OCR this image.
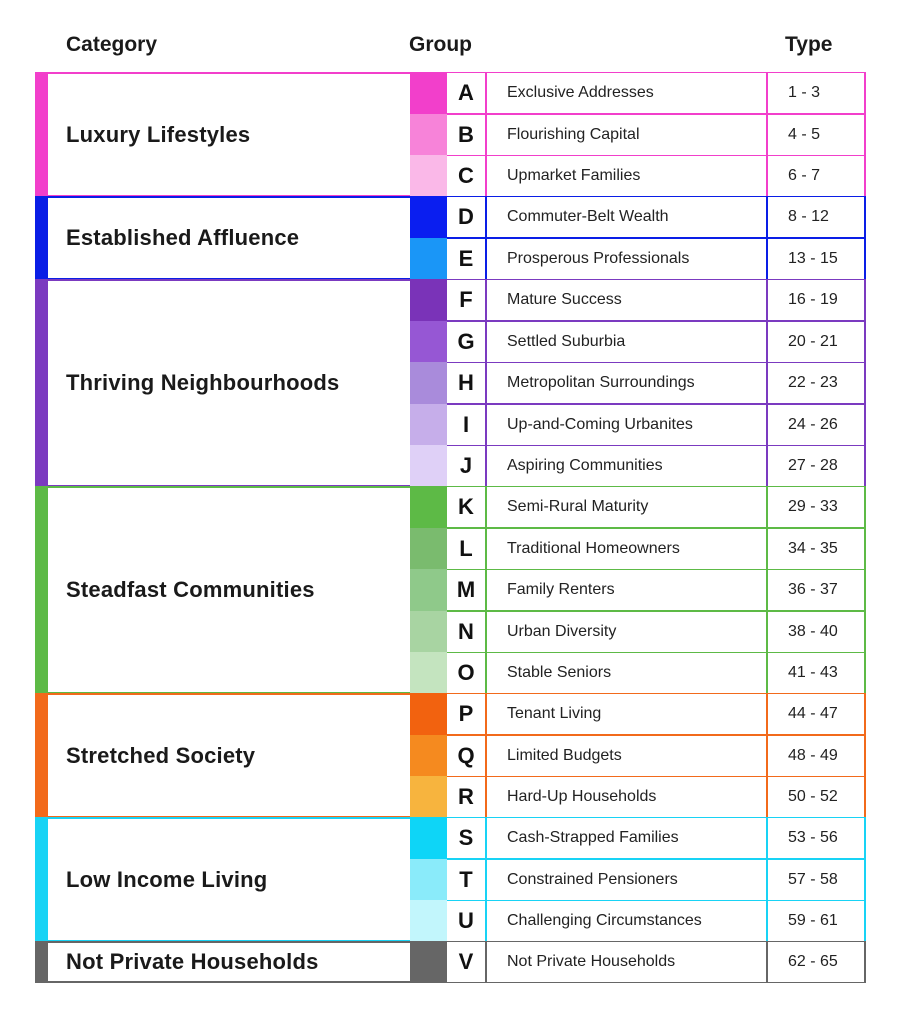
Category	Group	Type
Luxury Lifestyles
A	Exclusive Addresses	1 - 3
B	Flourishing Capital	4 - 5
C	Upmarket Families	6 - 7
Established Affluence
D	Commuter-Belt Wealth	8 - 12
E	Prosperous Professionals	13 - 15
Thriving Neighbourhoods
F	Mature Success	16 - 19
G	Settled Suburbia	20 - 21
H	Metropolitan Surroundings	22 - 23
I	Up-and-Coming Urbanites	24 - 26
J	Aspiring Communities	27 - 28
Steadfast Communities
K	Semi-Rural Maturity	29 - 33
L	Traditional Homeowners	34 - 35
M	Family Renters	36 - 37
N	Urban Diversity	38 - 40
O	Stable Seniors	41 - 43
Stretched Society
P	Tenant Living	44 - 47
Q	Limited Budgets	48 - 49
R	Hard-Up Households	50 - 52
Low Income Living
S	Cash-Strapped Families	53 - 56
T	Constrained Pensioners	57 - 58
U	Challenging Circumstances	59 - 61
Not Private Households	V	Not Private Households	62 - 65
